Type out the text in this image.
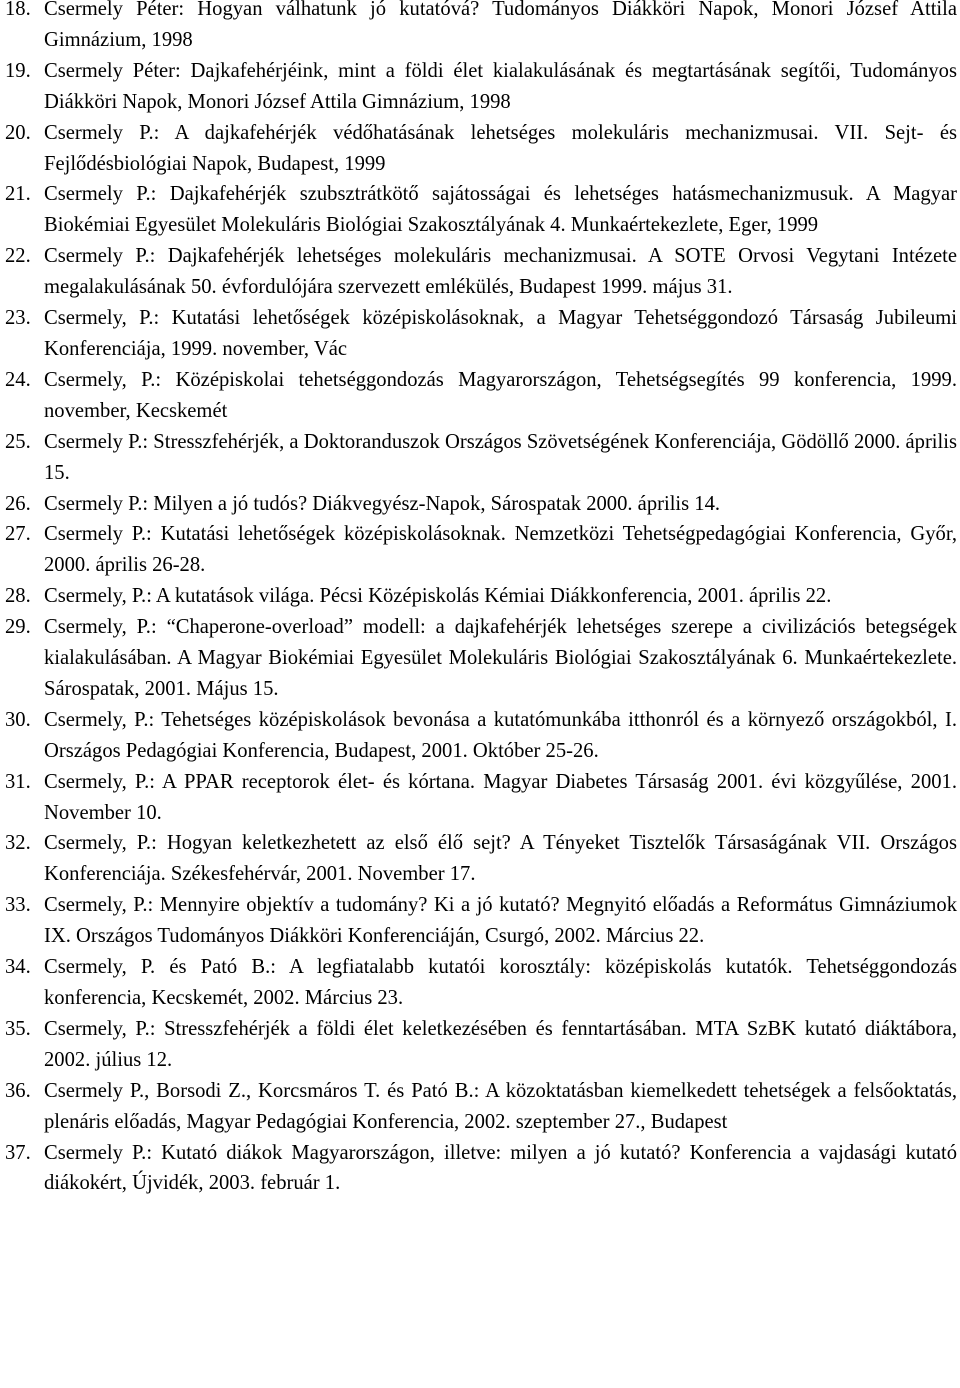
18. Csermely Péter: Hogyan válhatunk jó kutatóvá? Tudományos Diákköri Napok, Monori József Attila Gimnázium, 1998
19. Csermely Péter: Dajkafehérjéink, mint a földi élet kialakulásának és megtartásának segítői, Tudományos Diákköri Napok, Monori József Attila Gimnázium, 1998
20. Csermely P.: A dajkafehérjék védőhatásának lehetséges molekuláris mechanizmusai. VII. Sejt- és Fejlődésbiológiai Napok, Budapest, 1999
21. Csermely P.: Dajkafehérjék szubsztrátkötő sajátosságai és lehetséges hatásmechanizmusuk. A Magyar Biokémiai Egyesület Molekuláris Biológiai Szakosztályának 4. Munkaértekezlete, Eger, 1999
22. Csermely P.: Dajkafehérjék lehetséges molekuláris mechanizmusai. A SOTE Orvosi Vegytani Intézete megalakulásának 50. évfordulójára szervezett emlékülés, Budapest 1999. május 31.
23. Csermely, P.: Kutatási lehetőségek középiskolásoknak, a Magyar Tehetséggondozó Társaság Jubileumi Konferenciája, 1999. november, Vác
24. Csermely, P.: Középiskolai tehetséggondozás Magyarországon, Tehetségsegítés 99 konferencia, 1999. november, Kecskemét
25. Csermely P.: Stresszfehérjék, a Doktoranduszok Országos Szövetségének Konferenciája, Gödöllő 2000. április 15.
26. Csermely P.: Milyen a jó tudós? Diákvegyész-Napok, Sárospatak 2000. április 14.
27. Csermely P.: Kutatási lehetőségek középiskolásoknak. Nemzetközi Tehetségpedagógiai Konferencia, Győr, 2000. április 26-28.
28. Csermely, P.: A kutatások világa. Pécsi Középiskolás Kémiai Diákkonferencia, 2001. április 22.
29. Csermely, P.: “Chaperone-overload” modell: a dajkafehérjék lehetséges szerepe a civilizációs betegségek kialakulásában. A Magyar Biokémiai Egyesület Molekuláris Biológiai Szakosztályának 6. Munkaértekezlete. Sárospatak, 2001. Május 15.
30. Csermely, P.: Tehetséges középiskolások bevonása a kutatómunkába itthonról és a környező országokból, I. Országos Pedagógiai Konferencia, Budapest, 2001. Október 25-26.
31. Csermely, P.: A PPAR receptorok élet- és kórtana. Magyar Diabetes Társaság 2001. évi közgyűlése, 2001. November 10.
32. Csermely, P.: Hogyan keletkezhetett az első élő sejt? A Tényeket Tisztelők Társaságának VII. Országos Konferenciája. Székesfehérvár, 2001. November 17.
33. Csermely, P.: Mennyire objektív a tudomány? Ki a jó kutató? Megnyitó előadás a Református Gimnáziumok IX. Országos Tudományos Diákköri Konferenciáján, Csurgó, 2002. Március 22.
34. Csermely, P. és Pató B.: A legfiatalabb kutatói korosztály: középiskolás kutatók. Tehetséggondozás konferencia, Kecskemét, 2002. Március 23.
35. Csermely, P.: Stresszfehérjék a földi élet keletkezésében és fenntartásában. MTA SzBK kutató diáktábora, 2002. július 12.
36. Csermely P., Borsodi Z., Korcsmáros T. és Pató B.: A közoktatásban kiemelkedett tehetségek a felsőoktatás, plenáris előadás, Magyar Pedagógiai Konferencia, 2002. szeptember 27., Budapest
37. Csermely P.: Kutató diákok Magyarországon, illetve: milyen a jó kutató? Konferencia a vajdasági kutató diákokért, Újvidék, 2003. február 1.
